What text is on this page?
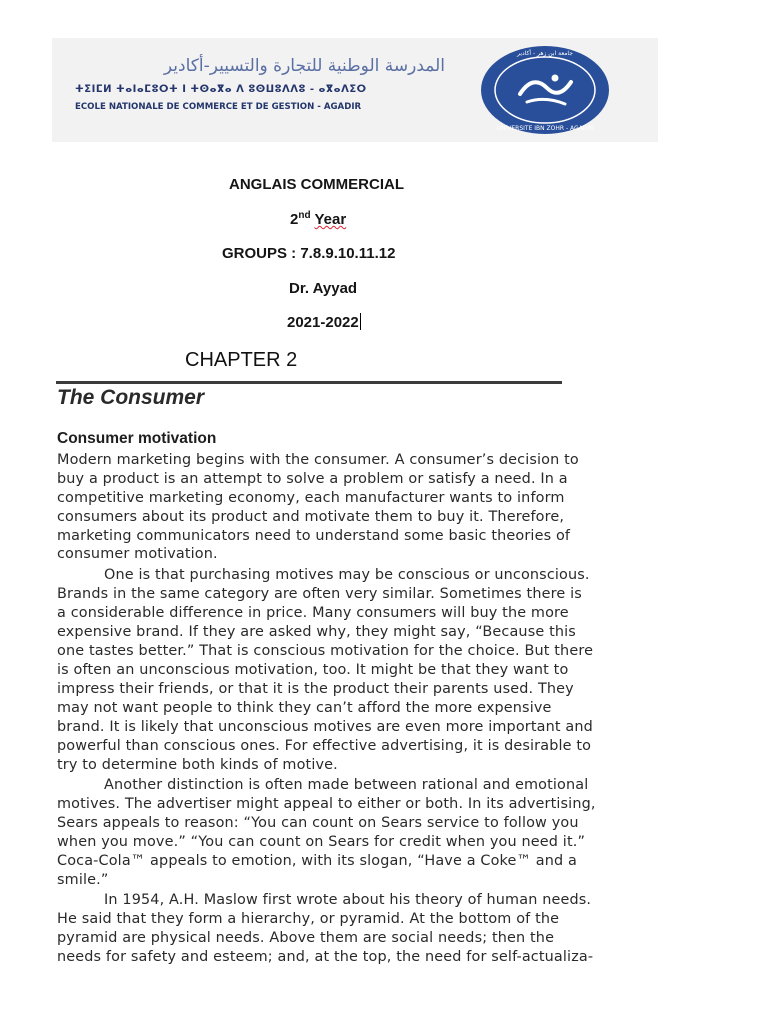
المدرسة الوطنية للتجارة والتسيير-أكادير
ⵜⵉⵏⵎⵍ ⵜⴰⵏⴰⵎⵓⵔⵜ ⵏ ⵜⵙⴰⴳⴰ ⴷ ⵓⵙⵡⵓⴷⴷⵓ - ⴰⴳⴰⴷⵉⵔ
ECOLE NATIONALE DE COMMERCE ET DE GESTION - AGADIR
UNIVERSITE IBN ZOHR - AGADIR
جامعة ابن زهر - أكادير
ANGLAIS COMMERCIAL
2nd Year
GROUPS : 7.8.9.10.11.12
Dr. Ayyad
2021-2022
CHAPTER 2
The Consumer
Consumer motivation
Modern marketing begins with the consumer. A consumer’s decision to
buy a product is an attempt to solve a problem or satisfy a need. In a
competitive marketing economy, each manufacturer wants to inform
consumers about its product and motivate them to buy it. Therefore,
marketing communicators need to understand some basic theories of
consumer motivation.
One is that purchasing motives may be conscious or unconscious.
Brands in the same category are often very similar. Sometimes there is
a considerable difference in price. Many consumers will buy the more
expensive brand. If they are asked why, they might say, “Because this
one tastes better.” That is conscious motivation for the choice. But there
is often an unconscious motivation, too. It might be that they want to
impress their friends, or that it is the product their parents used. They
may not want people to think they can’t afford the more expensive
brand. It is likely that unconscious motives are even more important and
powerful than conscious ones. For effective advertising, it is desirable to
try to determine both kinds of motive.
Another distinction is often made between rational and emotional
motives. The advertiser might appeal to either or both. In its advertising,
Sears appeals to reason: “You can count on Sears service to follow you
when you move.” “You can count on Sears for credit when you need it.”
Coca-Cola™ appeals to emotion, with its slogan, “Have a Coke™ and a
smile.”
In 1954, A.H. Maslow first wrote about his theory of human needs.
He said that they form a hierarchy, or pyramid. At the bottom of the
pyramid are physical needs. Above them are social needs; then the
needs for safety and esteem; and, at the top, the need for self-actualiza-
